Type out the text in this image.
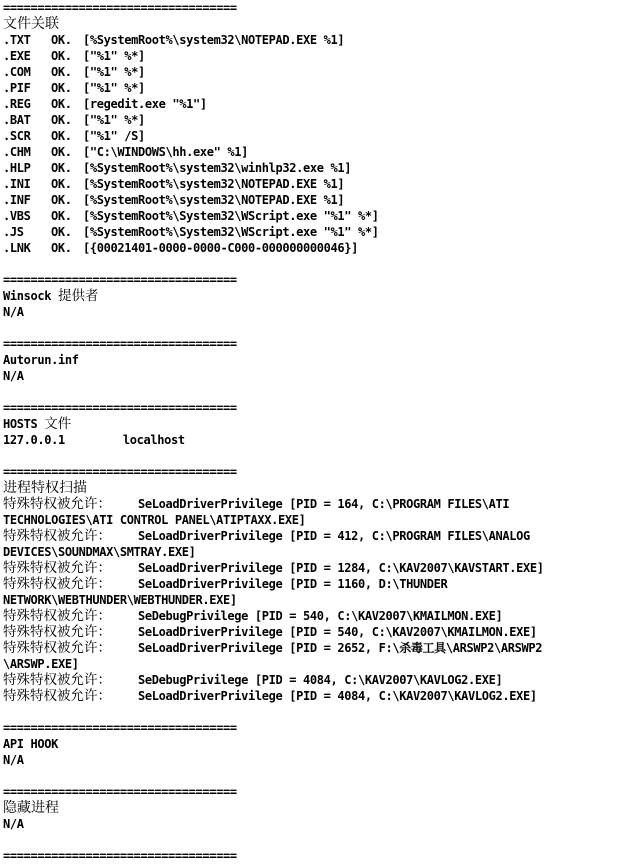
==================================
文件关联
.TXT OK. [%SystemRoot%\system32\NOTEPAD.EXE %1]
.EXE OK. ["%1" %*]
.COM OK. ["%1" %*]
.PIF OK. ["%1" %*]
.REG OK. [regedit.exe "%1"]
.BAT OK. ["%1" %*]
.SCR OK. ["%1" /S]
.CHM OK. ["C:\WINDOWS\hh.exe" %1]
.HLP OK. [%SystemRoot%\system32\winhlp32.exe %1]
.INI OK. [%SystemRoot%\system32\NOTEPAD.EXE %1]
.INF OK. [%SystemRoot%\system32\NOTEPAD.EXE %1]
.VBS OK. [%SystemRoot%\System32\WScript.exe "%1" %*]
.JS OK. [%SystemRoot%\System32\WScript.exe "%1" %*]
.LNK OK. [{00021401-0000-0000-C000-000000000046}]
==================================
Winsock 提供者
N/A
==================================
Autorun.inf
N/A
==================================
HOSTS 文件
127.0.0.1	localhost
==================================
进程特权扫描
特殊特权被允许： SeLoadDriverPrivilege [PID = 164, C:\PROGRAM FILES\ATI
TECHNOLOGIES\ATI CONTROL PANEL\ATIPTAXX.EXE]
特殊特权被允许： SeLoadDriverPrivilege [PID = 412, C:\PROGRAM FILES\ANALOG
DEVICES\SOUNDMAX\SMTRAY.EXE]
特殊特权被允许： SeLoadDriverPrivilege [PID = 1284, C:\KAV2007\KAVSTART.EXE]
特殊特权被允许： SeLoadDriverPrivilege [PID = 1160, D:\THUNDER
NETWORK\WEBTHUNDER\WEBTHUNDER.EXE]
特殊特权被允许： SeDebugPrivilege [PID = 540, C:\KAV2007\KMAILMON.EXE]
特殊特权被允许： SeLoadDriverPrivilege [PID = 540, C:\KAV2007\KMAILMON.EXE]
特殊特权被允许： SeLoadDriverPrivilege [PID = 2652, F:\杀毒工具\ARSWP2\ARSWP2
\ARSWP.EXE]
特殊特权被允许： SeDebugPrivilege [PID = 4084, C:\KAV2007\KAVLOG2.EXE]
特殊特权被允许： SeLoadDriverPrivilege [PID = 4084, C:\KAV2007\KAVLOG2.EXE]
==================================
API HOOK
N/A
==================================
隐藏进程
N/A
==================================
